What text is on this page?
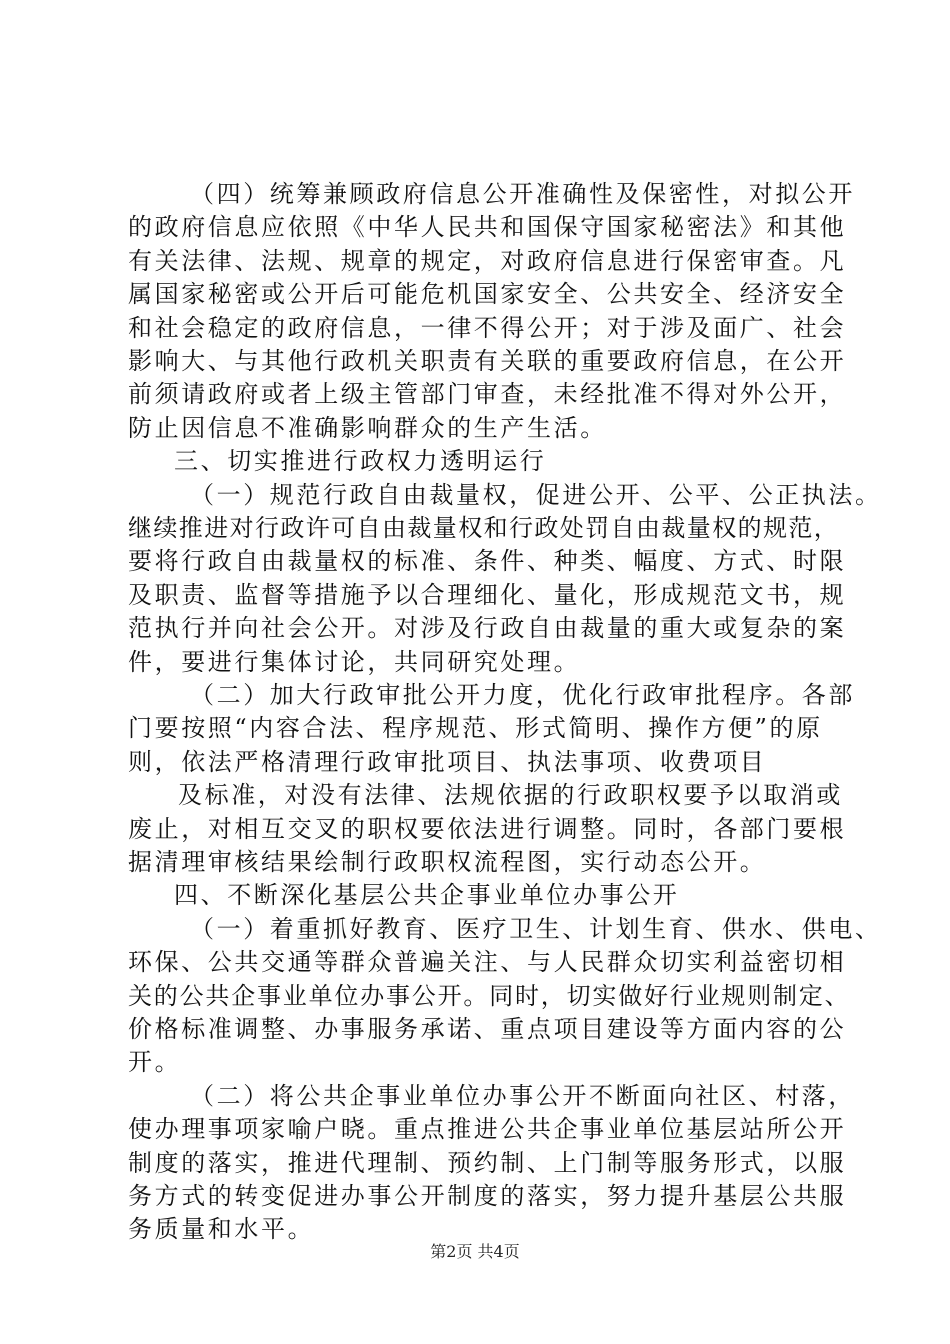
（四）统筹兼顾政府信息公开准确性及保密性，对拟公开
的政府信息应依照《中华人民共和国保守国家秘密法》和其他
有关法律、法规、规章的规定，对政府信息进行保密审查。凡
属国家秘密或公开后可能危机国家安全、公共安全、经济安全
和社会稳定的政府信息，一律不得公开；对于涉及面广、社会
影响大、与其他行政机关职责有关联的重要政府信息，在公开
前须请政府或者上级主管部门审查，未经批准不得对外公开，
防止因信息不准确影响群众的生产生活。
三、切实推进行政权力透明运行
（一）规范行政自由裁量权，促进公开、公平、公正执法。
继续推进对行政许可自由裁量权和行政处罚自由裁量权的规范，
要将行政自由裁量权的标准、条件、种类、幅度、方式、时限
及职责、监督等措施予以合理细化、量化，形成规范文书，规
范执行并向社会公开。对涉及行政自由裁量的重大或复杂的案
件，要进行集体讨论，共同研究处理。
（二）加大行政审批公开力度，优化行政审批程序。各部
门要按照“内容合法、程序规范、形式简明、操作方便”的原
则，依法严格清理行政审批项目、执法事项、收费项目
及标准，对没有法律、法规依据的行政职权要予以取消或
废止，对相互交叉的职权要依法进行调整。同时，各部门要根
据清理审核结果绘制行政职权流程图，实行动态公开。
四、不断深化基层公共企事业单位办事公开
（一）着重抓好教育、医疗卫生、计划生育、供水、供电、
环保、公共交通等群众普遍关注、与人民群众切实利益密切相
关的公共企事业单位办事公开。同时，切实做好行业规则制定、
价格标准调整、办事服务承诺、重点项目建设等方面内容的公
开。
（二）将公共企事业单位办事公开不断面向社区、村落，
使办理事项家喻户晓。重点推进公共企事业单位基层站所公开
制度的落实，推进代理制、预约制、上门制等服务形式，以服
务方式的转变促进办事公开制度的落实，努力提升基层公共服
务质量和水平。
第2页 共4页
